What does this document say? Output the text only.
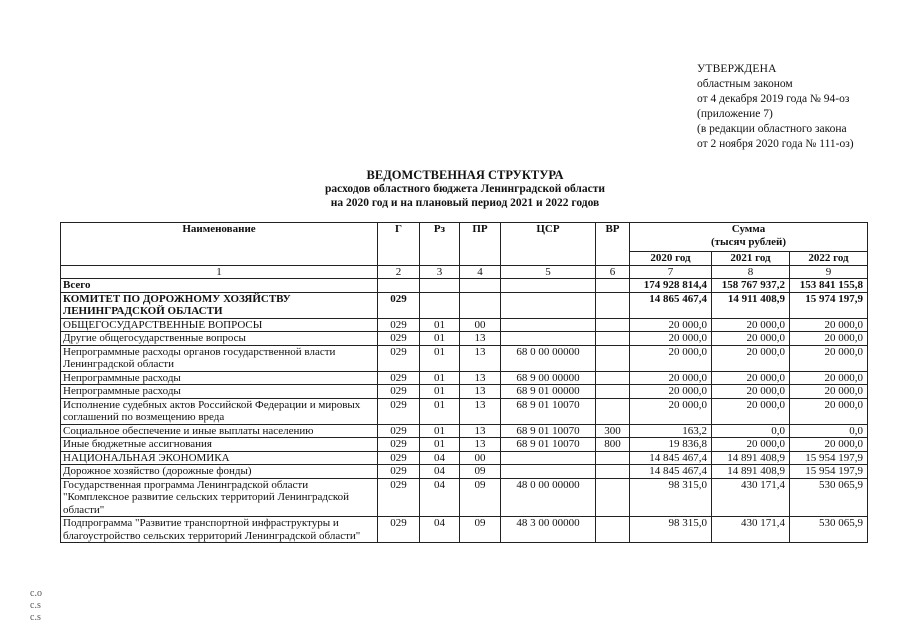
УТВЕРЖДЕНА
областным законом
от 4 декабря 2019 года № 94-оз
(приложение 7)
(в редакции областного закона
от 2 ноября 2020 года № 111-оз)
ВЕДОМСТВЕННАЯ СТРУКТУРА
расходов областного бюджета Ленинградской области
на 2020 год и на плановый период 2021 и 2022 годов
Наименование	Г	Рз	ПР	ЦСР	ВР	Сумма
(тысяч рублей)		

						2020 год	2021 год	2022 год
1	2	3	4	5	6	7	8	9
Всего						174 928 814,4	158 767 937,2	153 841 155,8
КОМИТЕТ ПО ДОРОЖНОМУ ХОЗЯЙСТВУ ЛЕНИНГРАДСКОЙ ОБЛАСТИ	029					14 865 467,4	14 911 408,9	15 974 197,9
ОБЩЕГОСУДАРСТВЕННЫЕ ВОПРОСЫ	029	01	00			20 000,0	20 000,0	20 000,0
Другие общегосударственные вопросы	029	01	13			20 000,0	20 000,0	20 000,0
Непрограммные расходы органов государственной власти Ленинградской области	029	01	13	68 0 00 00000		20 000,0	20 000,0	20 000,0
Непрограммные расходы	029	01	13	68 9 00 00000		20 000,0	20 000,0	20 000,0
Непрограммные расходы	029	01	13	68 9 01 00000		20 000,0	20 000,0	20 000,0
Исполнение судебных актов Российской Федерации и мировых соглашений по возмещению вреда	029	01	13	68 9 01 10070		20 000,0	20 000,0	20 000,0
Социальное обеспечение и иные выплаты населению	029	01	13	68 9 01 10070	300	163,2	0,0	0,0
Иные бюджетные ассигнования	029	01	13	68 9 01 10070	800	19 836,8	20 000,0	20 000,0
НАЦИОНАЛЬНАЯ ЭКОНОМИКА	029	04	00			14 845 467,4	14 891 408,9	15 954 197,9
Дорожное хозяйство (дорожные фонды)	029	04	09			14 845 467,4	14 891 408,9	15 954 197,9
Государственная программа Ленинградской области "Комплексное развитие сельских территорий Ленинградской области"	029	04	09	48 0 00 00000		98 315,0	430 171,4	530 065,9
Подпрограмма "Развитие транспортной инфраструктуры и благоустройство сельских территорий Ленинградской области"	029	04	09	48 3 00 00000		98 315,0	430 171,4	530 065,9
c.o
c.s
c.s
